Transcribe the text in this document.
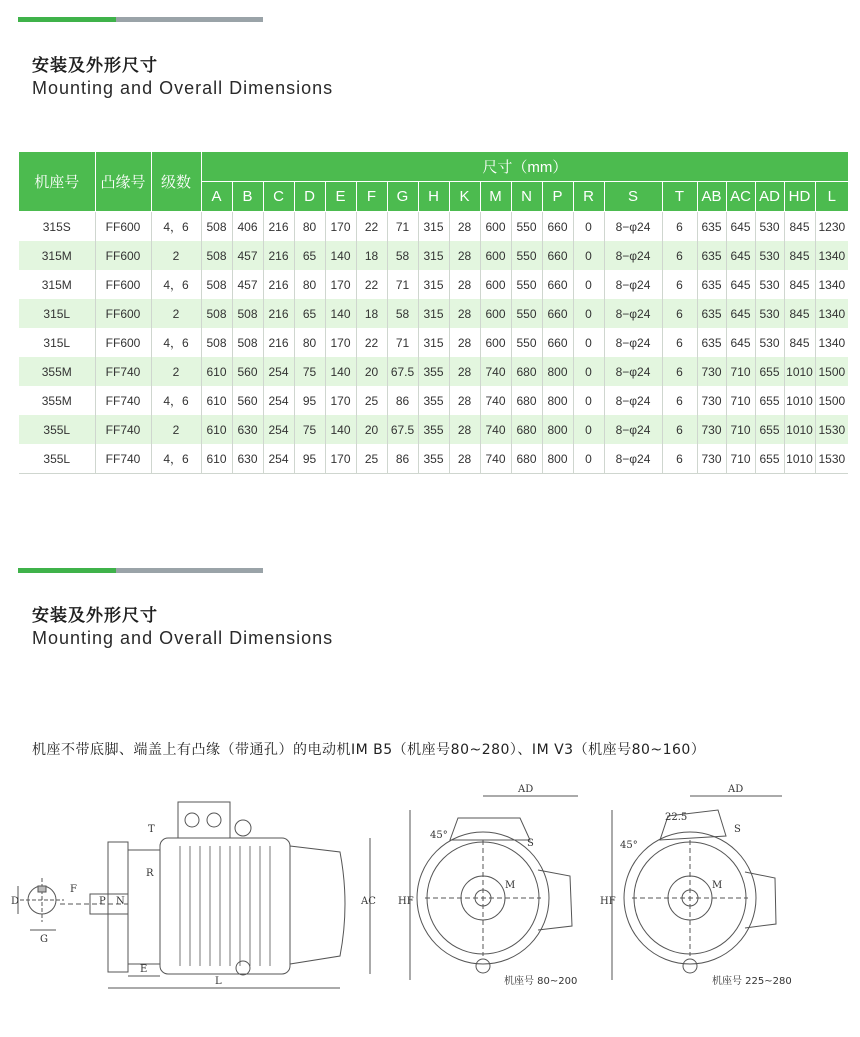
安装及外形尺寸
Mounting and Overall Dimensions
机座号	凸缘号	级数	尺寸（mm）																			
			A	B	C	D	E	F	G	H	K	M	N	P	R	S	T	AB	AC	AD	HD	L
315S	FF600	4，6	508	406	216	80	170	22	71	315	28	600	550	660	0	8−φ24	6	635	645	530	845	1230
315M	FF600	2	508	457	216	65	140	18	58	315	28	600	550	660	0	8−φ24	6	635	645	530	845	1340
315M	FF600	4，6	508	457	216	80	170	22	71	315	28	600	550	660	0	8−φ24	6	635	645	530	845	1340
315L	FF600	2	508	508	216	65	140	18	58	315	28	600	550	660	0	8−φ24	6	635	645	530	845	1340
315L	FF600	4，6	508	508	216	80	170	22	71	315	28	600	550	660	0	8−φ24	6	635	645	530	845	1340
355M	FF740	2	610	560	254	75	140	20	67.5	355	28	740	680	800	0	8−φ24	6	730	710	655	1010	1500
355M	FF740	4，6	610	560	254	95	170	25	86	355	28	740	680	800	0	8−φ24	6	730	710	655	1010	1500
355L	FF740	2	610	630	254	75	140	20	67.5	355	28	740	680	800	0	8−φ24	6	730	710	655	1010	1530
355L	FF740	4，6	610	630	254	95	170	25	86	355	28	740	680	800	0	8−φ24	6	730	710	655	1010	1530
安装及外形尺寸
Mounting and Overall Dimensions
机座不带底脚、端盖上有凸缘（带通孔）的电动机IM B5（机座号80~280）、IM V3（机座号80~160）
D
F
G
T
R
P N	AC
E
L
AD
HF
45°
S
M
机座号 80~200
AD
HF
45°
22.5
S
M
机座号 225~280
